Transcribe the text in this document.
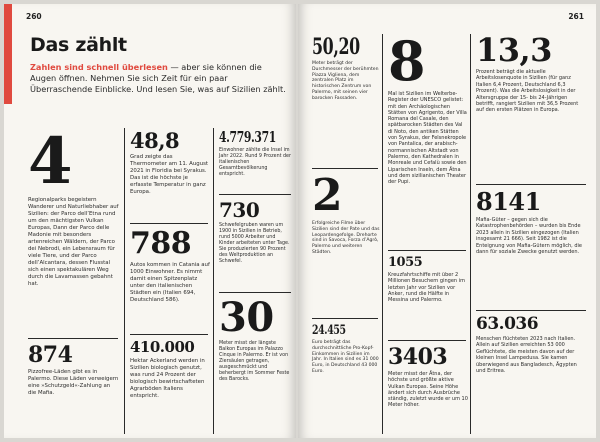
260
Das zählt
Zahlen sind schnell überlesen — aber sie können die Augen öffnen. Nehmen Sie sich Zeit für ein paar Überraschende Einblicke. Und lesen Sie, was auf Sizilien zählt.
4
Regionalparks begeistern Wanderer und Naturliebhaber auf Sizilien: der Parco dell’Etna rund um den mächtigsten Vulkan Europas, Dann der Parco delle Madonie mit besonders artenreichen Wäldern, der Parco dei Nebrodi, ein Lebensraum für viele Tiere, und der Parco dell’Alcantara, dessen Flusstal sich einen spektakulären Weg durch die Lavamassen gebahnt hat.
874
Pizzofree-Läden gibt es in Palermo. Diese Läden verweigern eine »Schutzgeld«-Zahlung an die Mafia.
48,8
Grad zeigte das Thermometer am 11. August 2021 in Floridia bei Syrakus. Das ist die höchste je erfasste Temperatur in ganz Europa.
788
Autos kommen in Catania auf 1000 Einwohner. Es nimmt damit einen Spitzenplatz unter den italienischen Städten ein (Italien 694, Deutschland 586).
410.000
Hektar Ackerland werden in Sizilien biologisch genutzt, was rund 24 Prozent der biologisch bewirtschafteten Agrarböden Italiens entspricht.
4.779.371
Einwohner zählte die Insel im Jahr 2022. Rund 9 Prozent der italienischen Gesamtbevölkerung entspricht.
730
Schwefelgruben waren um 1900 in Sizilien in Betrieb, rund 5000 Arbeiter und Kinder arbeiteten unter Tage. Sie produzierten 90 Prozent des Weltproduktion an Schwefel.
30
Meter misst der längste Balkon Europas im Palazzo Cinque in Palermo. Er ist von Ziersäulen getragen, ausgeschmückt und beherbergt im Sommer Feste des Barocks.
261
50,20
Meter beträgt der Durchmesser der berühmten Piazza Vigliena, dem zentralen Platz im historischen Zentrum von Palermo, mit seinen vier barocken Fassaden.
2
Erfolgreiche Filme über Sizilien sind der Pate und das Leopardengefolge. Drehorte sind in Savoca, Forza d’Agrò, Palermo und weiteren Städten.
24.455
Euro beträgt das durchschnittliche Pro-Kopf-Einkommen in Sizilien im Jahr. In Italien sind es 31 000 Euro, in Deutschland 43 000 Euro.
8
Mal ist Sizilien im Welterbe-Register der UNESCO gelistet: mit den Archäologischen Stätten von Agrigento, der Villa Romana del Casale, den spätbarocken Städten des Val di Noto, den antiken Stätten von Syrakus, der Felsnekropole von Pantalica, der arabisch-normannischen Altstadt von Palermo, den Kathedralen in Monreale und Cefalù sowie den Liparischen Inseln, dem Ätna und dem sizilianischen Theater der Pupi.
1055
Kreuzfahrtschiffe mit über 2 Millionen Besuchern gingen im letzten Jahr vor Sizilien vor Anker, rund die Hälfte in Messina und Palermo.
3403
Meter misst der Ätna, der höchste und größte aktive Vulkan Europas. Seine Höhe ändert sich durch Ausbrüche ständig, zuletzt wurde er um 10 Meter höher.
13,3
Prozent beträgt die aktuelle Arbeitslosenquote in Sizilien (für ganz Italien 6,4 Prozent, Deutschland 6,3 Prozent). Was die Arbeitslosigkeit in der Altersgruppe der 15- bis 24-Jährigen betrifft, rangiert Sizilien mit 36,5 Prozent auf den ersten Plätzen in Europa.
8141
Mafia-Güter – gegen sich die Katastrophenbehörden – wurden bis Ende 2023 allein in Sizilien eingezogen (Italien insgesamt 21 666). Seit 1982 ist die Enteignung von Mafia-Gütern möglich, die dann für soziale Zwecke genutzt werden.
63.036
Menschen flüchteten 2023 nach Italien. Allein auf Sizilien erreichten 53 000 Geflüchtete, die meisten davon auf der kleinen Insel Lampedusa. Sie kamen überwiegend aus Bangladesch, Ägypten und Eritrea.
